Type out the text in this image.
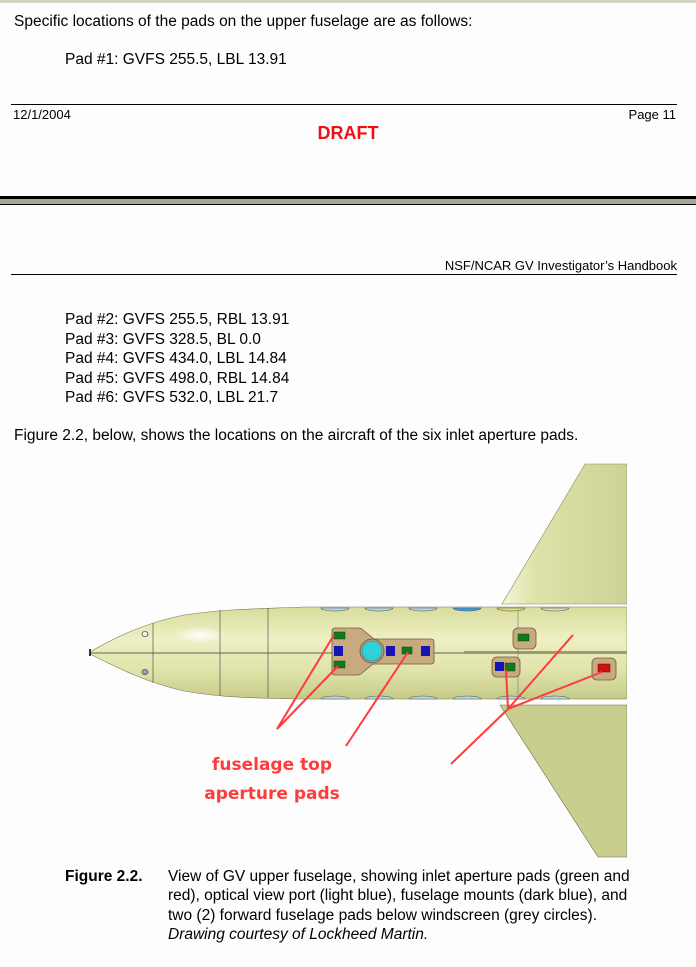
Specific locations of the pads on the upper fuselage are as follows:
Pad #1: GVFS 255.5, LBL 13.91
12/1/2004	Page 11
DRAFT
NSF/NCAR GV Investigator’s Handbook
Pad #2: GVFS 255.5, RBL 13.91
Pad #3: GVFS 328.5, BL 0.0
Pad #4: GVFS 434.0, LBL 14.84
Pad #5: GVFS 498.0, RBL 14.84
Pad #6: GVFS 532.0, LBL 21.7
Figure 2.2, below, shows the locations on the aircraft of the six inlet aperture pads.
fuselage top
aperture pads
Figure 2.2. View of GV upper fuselage, showing inlet aperture pads (green and red), optical view port (light blue), fuselage mounts (dark blue), and two (2) forward fuselage pads below windscreen (grey circles).  Drawing courtesy of Lockheed Martin.
